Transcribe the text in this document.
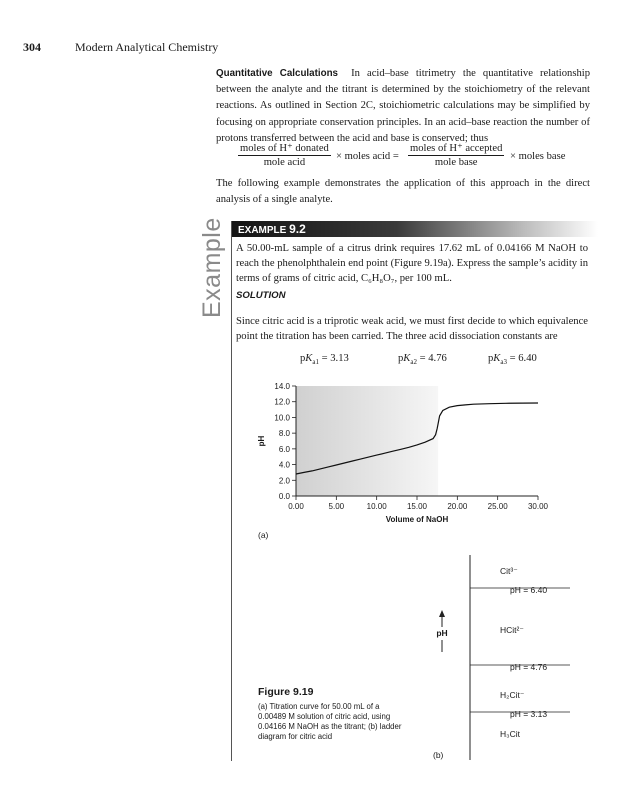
304	Modern Analytical Chemistry
Quantitative Calculations In acid–base titrimetry the quantitative relationship between the analyte and the titrant is determined by the stoichiometry of the relevant reactions. As outlined in Section 2C, stoichiometric calculations may be simplified by focusing on appropriate conservation principles. In an acid–base reaction the number of protons transferred between the acid and base is conserved; thus
moles of H⁺ donated
mole acid
× moles acid =
moles of H⁺ accepted
mole base
× moles base
The following example demonstrates the application of this approach in the direct analysis of a single analyte.
Example EXAMPLE 9.2
A 50.00-mL sample of a citrus drink requires 17.62 mL of 0.04166 M NaOH to reach the phenolphthalein end point (Figure 9.19a). Express the sample’s acidity in terms of grams of citric acid, C₆H₈O₇, per 100 mL.
SOLUTION
Since citric acid is a triprotic weak acid, we must first decide to which equivalence point the titration has been carried. The three acid dissociation constants are
$pK_{a1} = 3.13$	$pK_{a2} = 4.76$	$pK_{a3} = 6.40$
0.0
2.0
4.0
6.0
8.0
10.0
12.0
14.0
0.00	5.00	10.00	15.00	20.00	25.00	30.00
Volume of NaOH
pH
(a)
Cit³⁻
pH = 6.40
HCit²⁻
pH = 4.76
H₂Cit⁻
pH = 3.13
H₃Cit
pH
(b)
Figure 9.19
(a) Titration curve for 50.00 mL of a 0.00489 M solution of citric acid, using 0.04166 M NaOH as the titrant; (b) ladder diagram for citric acid
